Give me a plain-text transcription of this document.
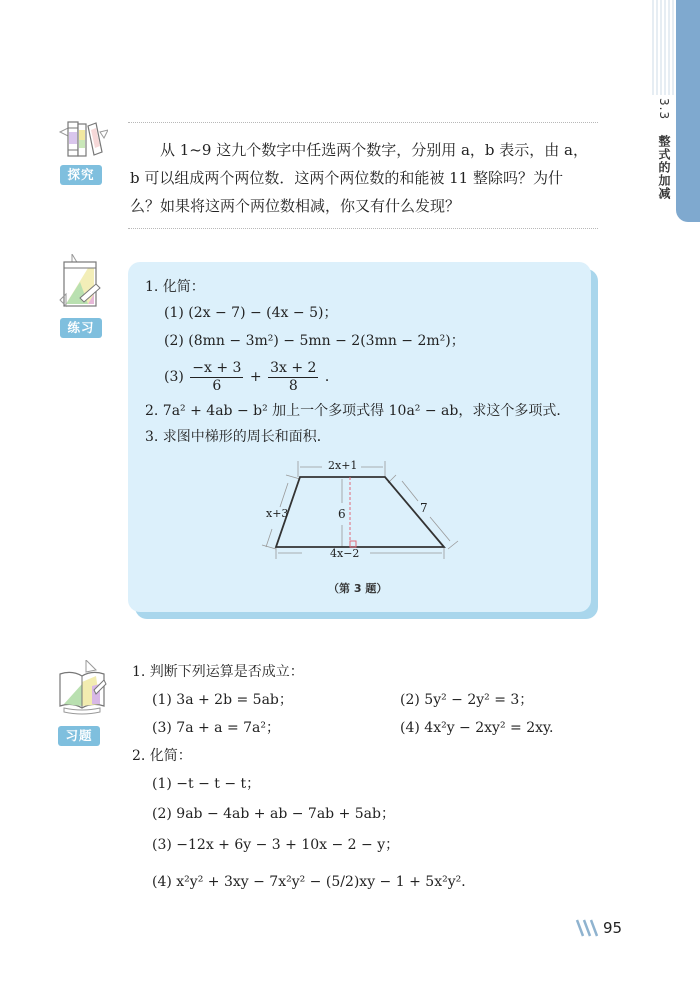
3.3 整式的加减
探究
从 1~9 这九个数字中任选两个数字，分别用 a，b 表示，由 a，
b 可以组成两个两位数．这两个两位数的和能被 11 整除吗？为什
么？如果将这两个两位数相减，你又有什么发现？
练习
1. 化简：
(1) (2x − 7) − (4x − 5)；
(2) (8mn − 3m²) − 5mn − 2(3mn − 2m²)；
$(3) \frac{-x + 3}{6} + \frac{3x + 2}{8}$ ．
2. 7a² + 4ab − b² 加上一个多项式得 10a² − ab，求这个多项式．
3. 求图中梯形的周长和面积．
2x+1
x+3	7
6
4x−2
（第 3 题）
习题
1. 判断下列运算是否成立：
(1) 3a + 2b = 5ab；	(2) 5y² − 2y² = 3；
(3) 7a + a = 7a²；	(4) 4x²y − 2xy² = 2xy.
2. 化简：
(1) −t − t − t；
(2) 9ab − 4ab + ab − 7ab + 5ab；
(3) −12x + 6y − 3 + 10x − 2 − y；
(4) x²y² + 3xy − 7x²y² − (5/2)xy − 1 + 5x²y²．
95
